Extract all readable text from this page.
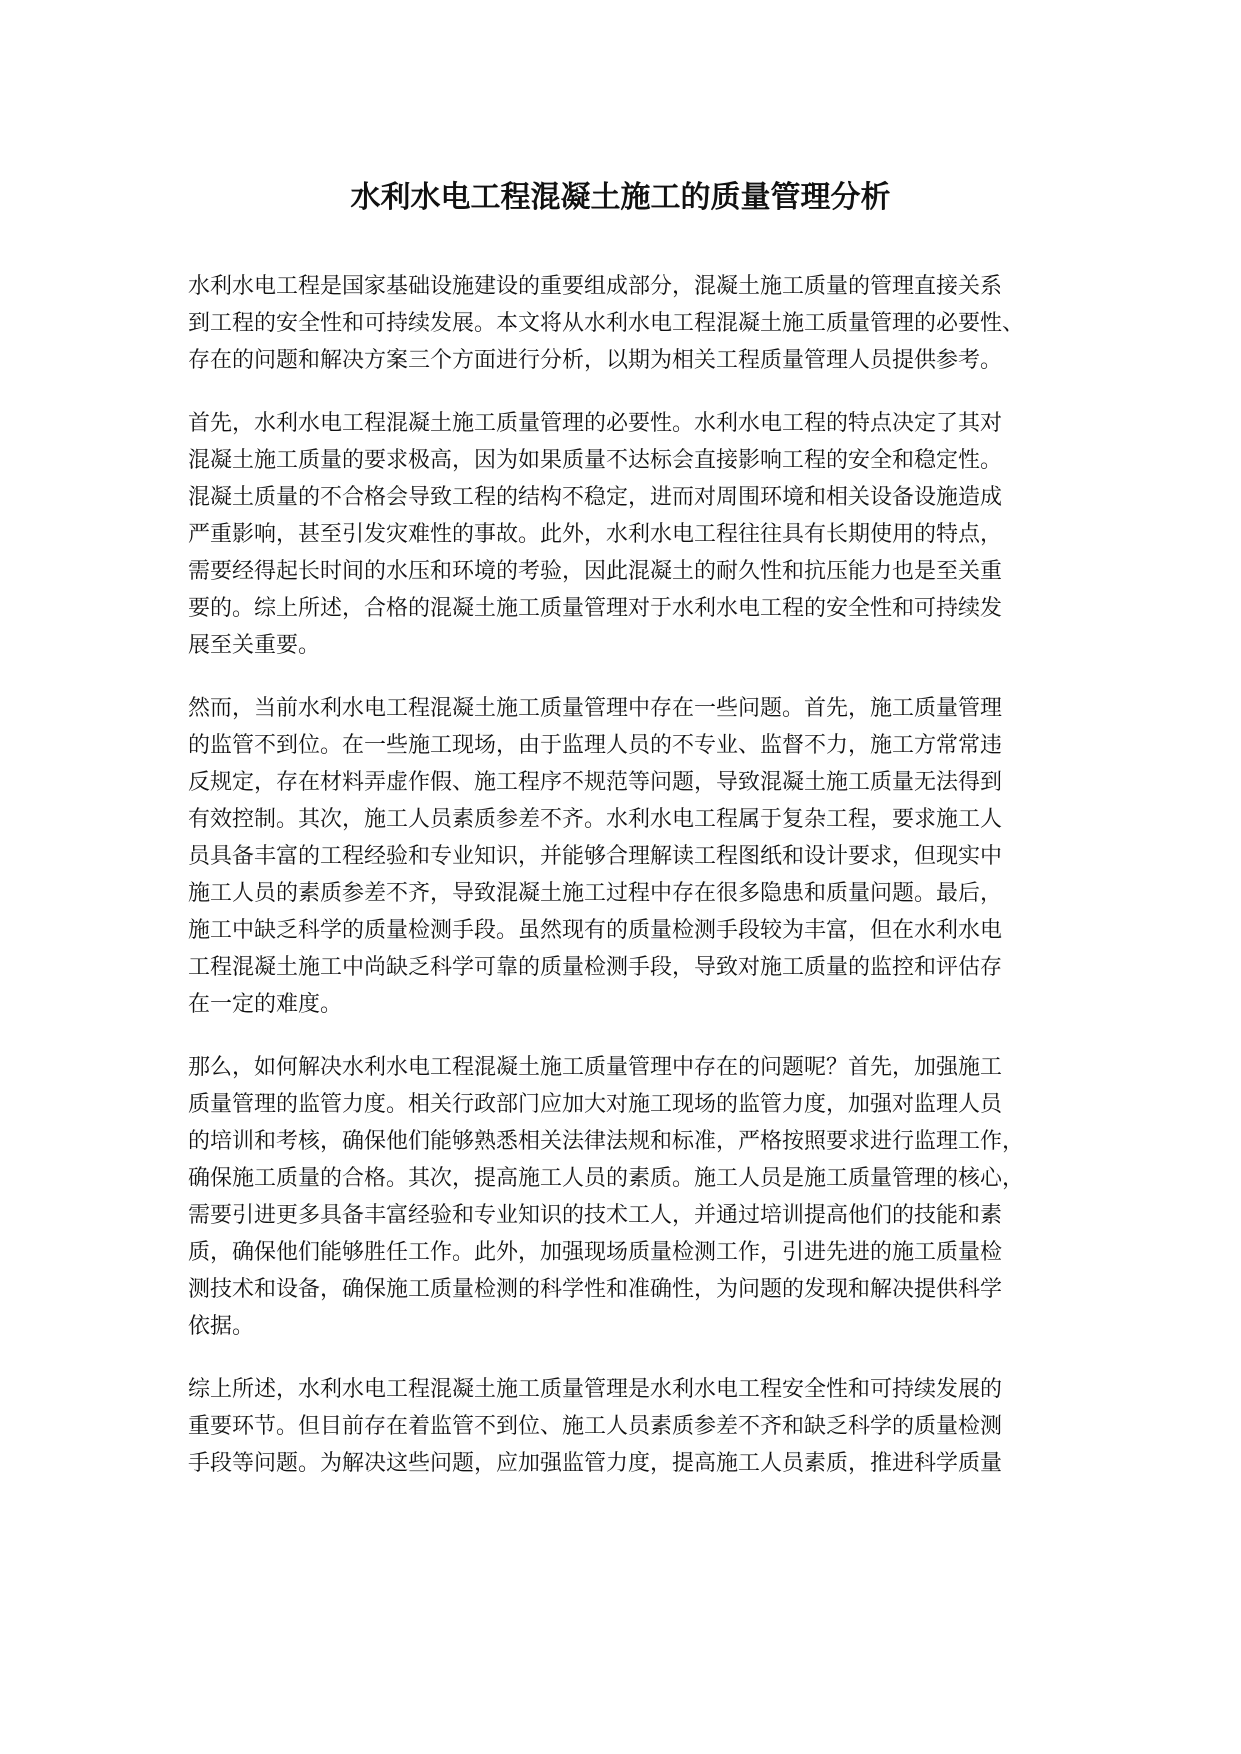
水利水电工程混凝土施工的质量管理分析
水利水电工程是国家基础设施建设的重要组成部分，混凝土施工质量的管理直接关系
到工程的安全性和可持续发展。本文将从水利水电工程混凝土施工质量管理的必要性、
存在的问题和解决方案三个方面进行分析，以期为相关工程质量管理人员提供参考。
首先，水利水电工程混凝土施工质量管理的必要性。水利水电工程的特点决定了其对
混凝土施工质量的要求极高，因为如果质量不达标会直接影响工程的安全和稳定性。
混凝土质量的不合格会导致工程的结构不稳定，进而对周围环境和相关设备设施造成
严重影响，甚至引发灾难性的事故。此外，水利水电工程往往具有长期使用的特点，
需要经得起长时间的水压和环境的考验，因此混凝土的耐久性和抗压能力也是至关重
要的。综上所述，合格的混凝土施工质量管理对于水利水电工程的安全性和可持续发
展至关重要。
然而，当前水利水电工程混凝土施工质量管理中存在一些问题。首先，施工质量管理
的监管不到位。在一些施工现场，由于监理人员的不专业、监督不力，施工方常常违
反规定，存在材料弄虚作假、施工程序不规范等问题，导致混凝土施工质量无法得到
有效控制。其次，施工人员素质参差不齐。水利水电工程属于复杂工程，要求施工人
员具备丰富的工程经验和专业知识，并能够合理解读工程图纸和设计要求，但现实中
施工人员的素质参差不齐，导致混凝土施工过程中存在很多隐患和质量问题。最后，
施工中缺乏科学的质量检测手段。虽然现有的质量检测手段较为丰富，但在水利水电
工程混凝土施工中尚缺乏科学可靠的质量检测手段，导致对施工质量的监控和评估存
在一定的难度。
那么，如何解决水利水电工程混凝土施工质量管理中存在的问题呢？首先，加强施工
质量管理的监管力度。相关行政部门应加大对施工现场的监管力度，加强对监理人员
的培训和考核，确保他们能够熟悉相关法律法规和标准，严格按照要求进行监理工作，
确保施工质量的合格。其次，提高施工人员的素质。施工人员是施工质量管理的核心，
需要引进更多具备丰富经验和专业知识的技术工人，并通过培训提高他们的技能和素
质，确保他们能够胜任工作。此外，加强现场质量检测工作，引进先进的施工质量检
测技术和设备，确保施工质量检测的科学性和准确性，为问题的发现和解决提供科学
依据。
综上所述，水利水电工程混凝土施工质量管理是水利水电工程安全性和可持续发展的
重要环节。但目前存在着监管不到位、施工人员素质参差不齐和缺乏科学的质量检测
手段等问题。为解决这些问题，应加强监管力度，提高施工人员素质，推进科学质量
